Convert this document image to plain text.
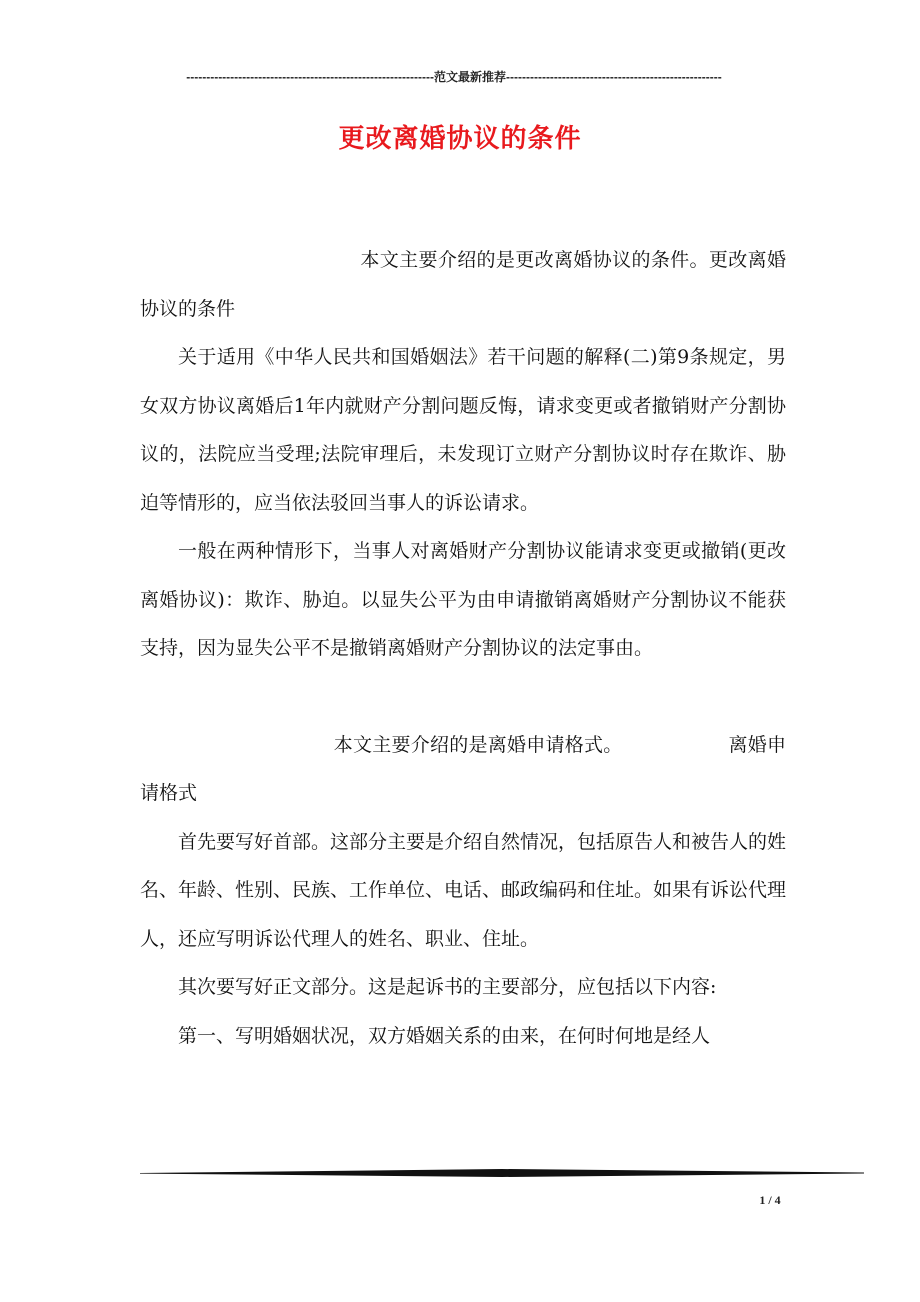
--------------------------------------------------------------范文最新推荐------------------------------------------------------
更改离婚协议的条件

本文主要介绍的是更改离婚协议的条件。更改离婚协议的条件

关于适用《中华人民共和国婚姻法》若干问题的解释(二)第9条规定，男女双方协议离婚后1年内就财产分割问题反悔，请求变更或者撤销财产分割协议的，法院应当受理;法院审理后，未发现订立财产分割协议时存在欺诈、胁迫等情形的，应当依法驳回当事人的诉讼请求。

一般在两种情形下，当事人对离婚财产分割协议能请求变更或撤销(更改离婚协议)：欺诈、胁迫。以显失公平为由申请撤销离婚财产分割协议不能获支持，因为显失公平不是撤销离婚财产分割协议的法定事由。

本文主要介绍的是离婚申请格式。　　　　　　离婚申请格式

首先要写好首部。这部分主要是介绍自然情况，包括原告人和被告人的姓名、年龄、性别、民族、工作单位、电话、邮政编码和住址。如果有诉讼代理人，还应写明诉讼代理人的姓名、职业、住址。

其次要写好正文部分。这是起诉书的主要部分，应包括以下内容:

第一、写明婚姻状况，双方婚姻关系的由来，在何时何地是经人

1 / 4
